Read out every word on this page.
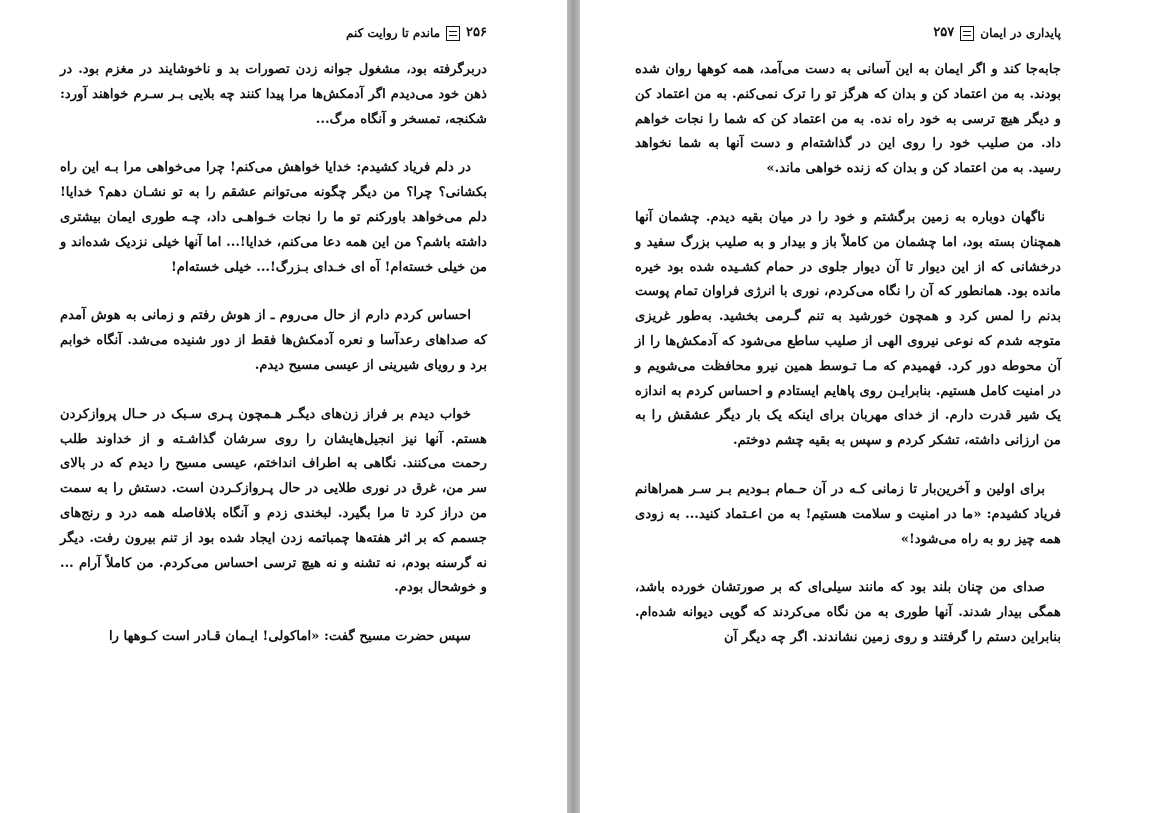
۲۵۶
ماندم تا روایت کنم

دربرگرفته بود، مشغول جوانه زدن تصورات بد و ناخوشایند در مغزم بود. در ذهن خود می‌دیدم اگر آدمکش‌ها مرا پیدا کنند چه بلایی بـر سـرم خواهند آورد: شکنجه، تمسخر و آنگاه مرگ...

در دلم فریاد کشیدم: خدایا خواهش می‌کنم! چرا می‌خواهی مرا بـه این راه بکشانی؟ چرا؟ من دیگر چگونه می‌توانم عشقم را به تو نشـان دهم؟ خدایا! دلم می‌خواهد باورکنم تو ما را نجات خـواهـی داد، چـه طوری ایمان بیشتری داشته باشم؟ من این همه دعا می‌کنم، خدایا!... اما آنها خیلی نزدیک شده‌اند و من خیلی خسته‌ام! آه ای خـدای بـزرگ!... خیلی خسته‌ام!

احساس کردم دارم از حال می‌روم ـ از هوش رفتم و زمانی به هوش آمدم که صداهای رعدآسا و نعره آدمکش‌ها فقط از دور شنیده می‌شد. آنگاه خوابم برد و رویای شیرینی از عیسی مسیح دیدم.

خواب دیدم بر فراز زن‌های دیگـر هـمچون پـری سـبک در حـال پروازکردن هستم. آنها نیز انجیل‌هایشان را روی سرشان گذاشـته و از خداوند طلب رحمت می‌کنند. نگاهی به اطراف انداختم، عیسی مسیح را دیدم که در بالای سر من، غرق در نوری طلایی در حال پـروازکـردن است. دستش را به سمت من دراز کرد تا مرا بگیرد. لبخندی زدم و آنگاه بلافاصله همه درد و رنج‌های جسمم که بر اثر هفته‌ها چمباتمه زدن ایجاد شده بود از تنم بیرون رفت. دیگر نه گرسنه بودم، نه تشنه و نه هیچ ترسی احساس می‌کردم. من کاملاً آرام ... و خوشحال بودم.

سپس حضرت مسیح گفت: «اماکولی! ایـمان قـادر است کـوهها را

پایداری در ایمان
۲۵۷

جابه‌جا کند و اگر ایمان به این آسانی به دست می‌آمد، همه کوهها روان شده بودند. به من اعتماد کن و بدان که هرگز تو را ترک نمی‌کنم. به من اعتماد کن و دیگر هیچ ترسی به خود راه نده. به من اعتماد کن که شما را نجات خواهم داد. من صلیب خود را روی این در گذاشته‌ام و دست آنها به شما نخواهد رسید. به من اعتماد کن و بدان که زنده خواهی ماند.»

ناگهان دوباره به زمین برگشتم و خود را در میان بقیه دیدم. چشمان آنها همچنان بسته بود، اما چشمان من کاملاً باز و بیدار و به صلیب بزرگ سفید و درخشانی که از این دیوار تا آن دیوار جلوی در حمام کشـیده شده بود خیره مانده بود. همانطور که آن را نگاه می‌کردم، نوری با انرژی فراوان تمام پوست بدنم را لمس کرد و همچون خورشید به تنم گـرمی بخشید. به‌طور غریزی متوجه شدم که نوعی نیروی الهی از صلیب ساطع می‌شود که آدمکش‌ها را از آن محوطه دور کرد. فهمیدم که مـا تـوسط همین نیرو محافظت می‌شویم و در امنیت کامل هستیم. بنابرایـن روی پاهایم ایستادم و احساس کردم به اندازه یک شیر قدرت دارم. از خدای مهربان برای اینکه یک بار دیگر عشقش را به من ارزانی داشته، تشکر کردم و سپس به بقیه چشم دوختم.

برای اولین و آخرین‌بار تا زمانی کـه در آن حـمام بـودیم بـر سـر همراهانم فریاد کشیدم: «ما در امنیت و سلامت هستیم! به من اعـتماد کنید... به زودی همه چیز رو به راه می‌شود!»

صدای من چنان بلند بود که مانند سیلی‌ای که بر صورتشان خورده باشد، همگی بیدار شدند. آنها طوری به من نگاه می‌کردند که گویی دیوانه شده‌ام. بنابراین دستم را گرفتند و روی زمین نشاندند. اگر چه دیگر آن
